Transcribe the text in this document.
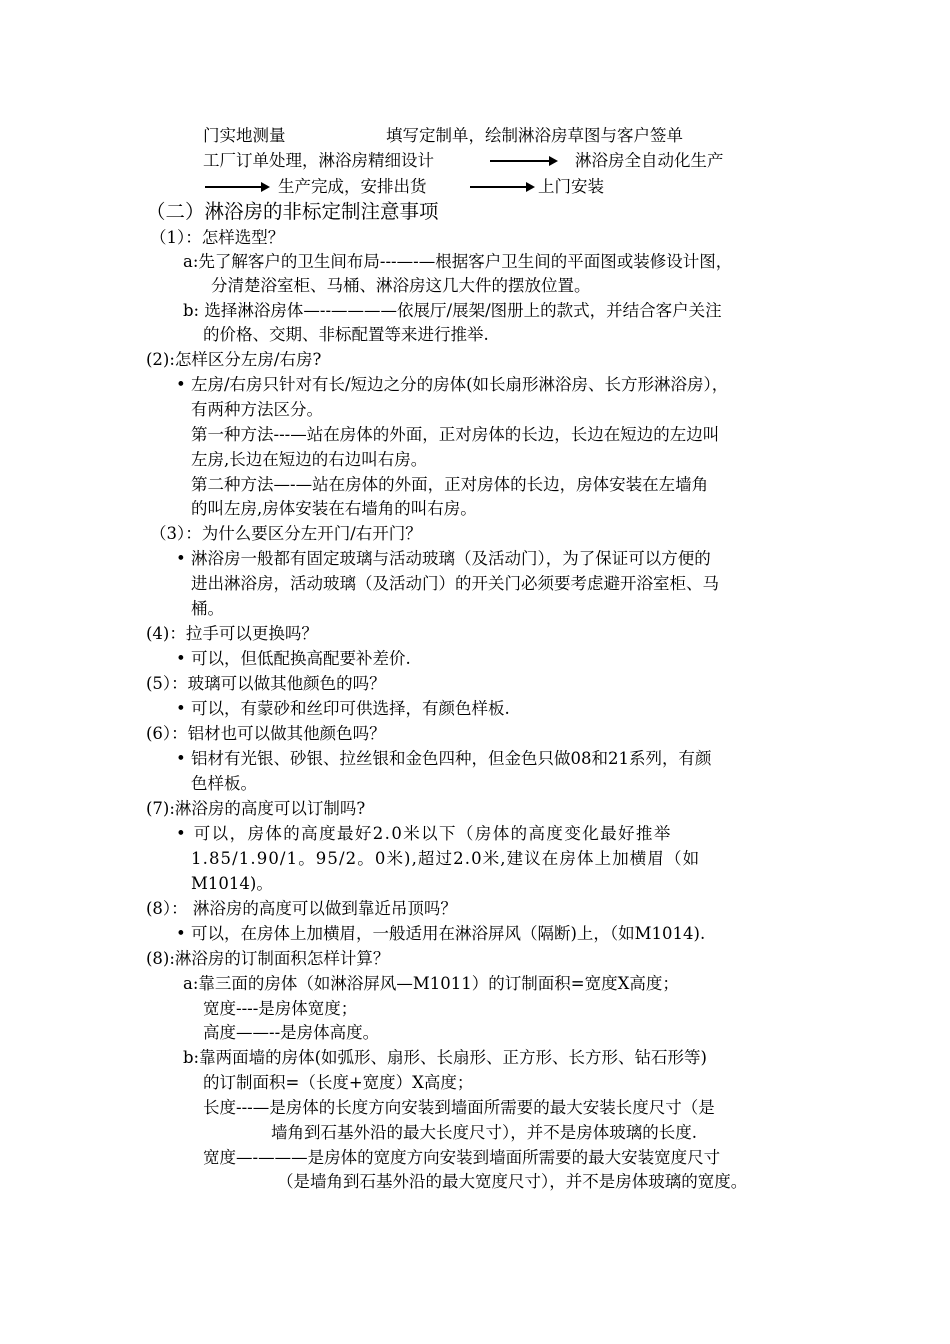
门实地测量	填写定制单，绘制淋浴房草图与客户签单
工厂订单处理，淋浴房精细设计	淋浴房全自动化生产
生产完成，安排出货	上门安装
（二）淋浴房的非标定制注意事项
（1）：怎样选型？
a:先了解客户的卫生间布局---—-—根据客户卫生间的平面图或装修设计图，
分清楚浴室柜、马桶、淋浴房这几大件的摆放位置。
b: 选择淋浴房体—--————依展厅/展架/图册上的款式，并结合客户关注
的价格、交期、非标配置等来进行推举.
(2):怎样区分左房/右房?
• 左房/右房只针对有长/短边之分的房体(如长扇形淋浴房、长方形淋浴房），
有两种方法区分。
第一种方法---—站在房体的外面，正对房体的长边，长边在短边的左边叫
左房,长边在短边的右边叫右房。
第二种方法—-—站在房体的外面，正对房体的长边，房体安装在左墙角
的叫左房,房体安装在右墙角的叫右房。
（3）：为什么要区分左开门/右开门？
• 淋浴房一般都有固定玻璃与活动玻璃（及活动门），为了保证可以方便的
进出淋浴房，活动玻璃（及活动门）的开关门必须要考虑避开浴室柜、马
桶。
(4)：拉手可以更换吗？
• 可以，但低配换高配要补差价.
(5）：玻璃可以做其他颜色的吗？
• 可以，有蒙砂和丝印可供选择，有颜色样板.
(6）：铝材也可以做其他颜色吗？
• 铝材有光银、砂银、拉丝银和金色四种，但金色只做08和21系列，有颜
色样板。
(7):淋浴房的高度可以订制吗?
• 可以，房体的高度最好2.0米以下（房体的高度变化最好推举
1.85/1.90/1。95/2。0米),超过2.0米,建议在房体上加横眉（如
M1014)。
(8）： 淋浴房的高度可以做到靠近吊顶吗？
• 可以，在房体上加横眉，一般适用在淋浴屏风（隔断)上，（如M1014).
(8):淋浴房的订制面积怎样计算？
a:靠三面的房体（如淋浴屏风—M1011）的订制面积=宽度X高度；
宽度----是房体宽度；
高度——--是房体高度。
b:靠两面墙的房体(如弧形、扇形、长扇形、正方形、长方形、钻石形等)
的订制面积=（长度+宽度）X高度；
长度---—是房体的长度方向安装到墙面所需要的最大安装长度尺寸（是
墙角到石基外沿的最大长度尺寸），并不是房体玻璃的长度.
宽度—-———是房体的宽度方向安装到墙面所需要的最大安装宽度尺寸
（是墙角到石基外沿的最大宽度尺寸），并不是房体玻璃的宽度。
